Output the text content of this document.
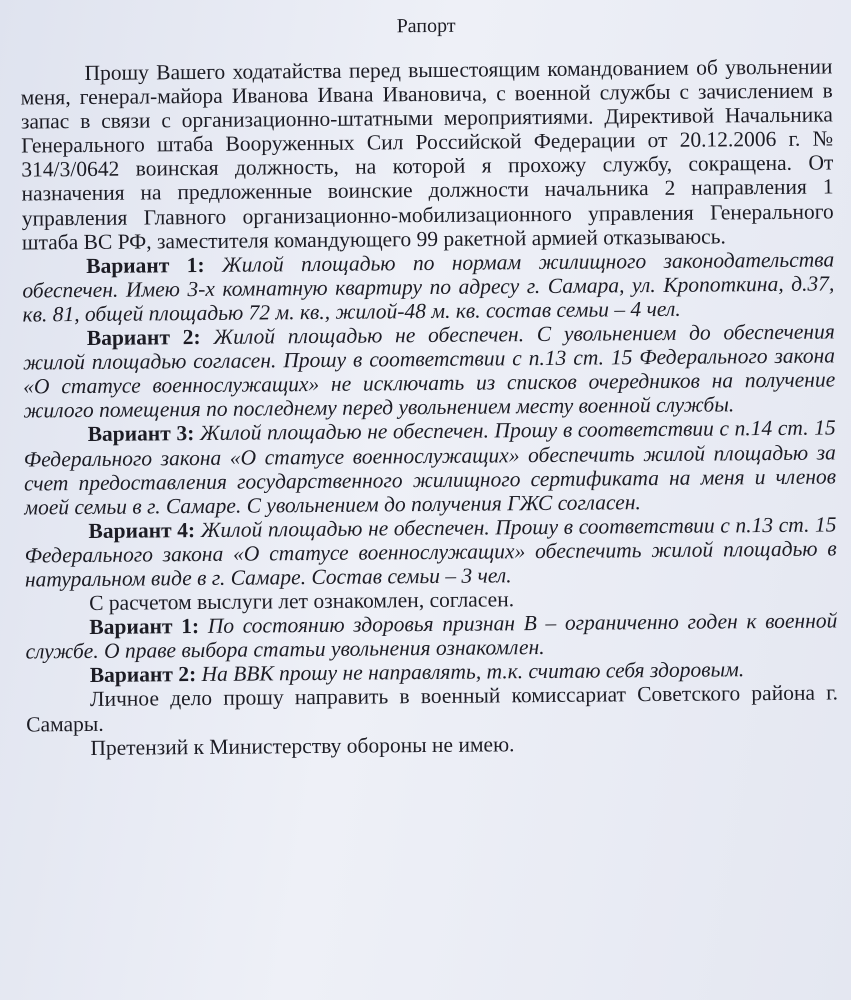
Рапорт

Прошу Вашего ходатайства перед вышестоящим командованием об увольнении меня, генерал-майора Иванова Ивана Ивановича, с военной службы с зачислением в запас в связи с организационно-штатными мероприятиями. Директивой Начальника Генерального штаба Вооруженных Сил Российской Федерации от 20.12.2006 г. № 314/3/0642 воинская должность, на которой я прохожу службу, сокращена. От назначения на предложенные воинские должности начальника 2 направления 1 управления Главного организационно-мобилизационного управления Генерального штаба ВС РФ, заместителя командующего 99 ракетной армией отказываюсь.

Вариант 1: Жилой площадью по нормам жилищного законодательства обеспечен. Имею 3-х комнатную квартиру по адресу г. Самара, ул. Кропоткина, д.37, кв. 81, общей площадью 72 м. кв., жилой-48 м. кв. состав семьи – 4 чел.

Вариант 2: Жилой площадью не обеспечен. С увольнением до обеспечения жилой площадью согласен. Прошу в соответствии с п.13 ст. 15 Федерального закона «О статусе военнослужащих» не исключать из списков очередников на получение жилого помещения по последнему перед увольнением месту военной службы.

Вариант 3: Жилой площадью не обеспечен. Прошу в соответствии с п.14 ст. 15 Федерального закона «О статусе военнослужащих» обеспечить жилой площадью за счет предоставления государственного жилищного сертификата на меня и членов моей семьи в г. Самаре. С увольнением до получения ГЖС согласен.

Вариант 4: Жилой площадью не обеспечен. Прошу в соответствии с п.13 ст. 15 Федерального закона «О статусе военнослужащих» обеспечить жилой площадью в натуральном виде в г. Самаре. Состав семьи – 3 чел.

С расчетом выслуги лет ознакомлен, согласен.

Вариант 1: По состоянию здоровья признан В – ограниченно годен к военной службе. О праве выбора статьи увольнения ознакомлен.

Вариант 2: На ВВК прошу не направлять, т.к. считаю себя здоровым.

Личное дело прошу направить в военный комиссариат Советского района г. Самары.

Претензий к Министерству обороны не имею.
